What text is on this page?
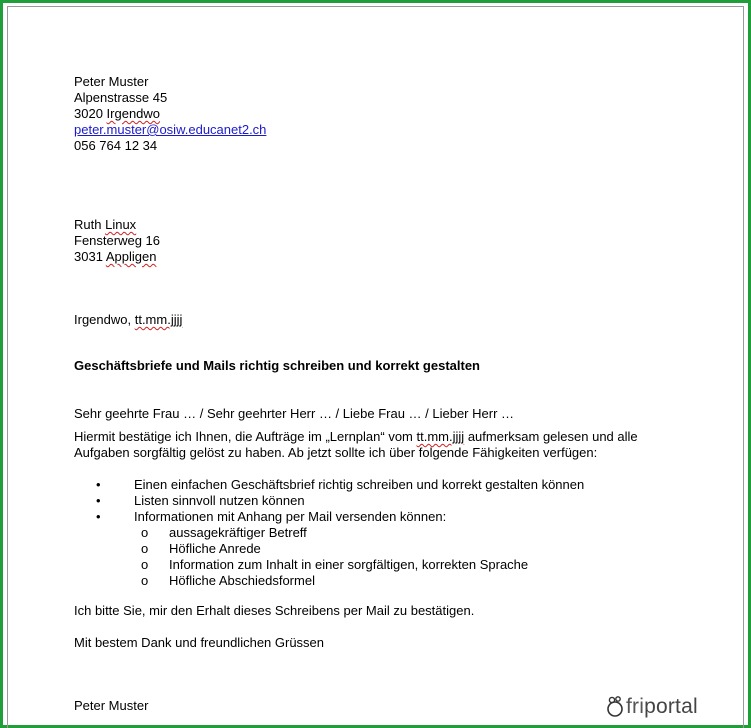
Peter Muster
Alpenstrasse 45
3020 Irgendwo
peter.muster@osiw.educanet2.ch
056 764 12 34
Ruth Linux
Fensterweg 16
3031 Appligen
Irgendwo, tt.mm.jjjj
Geschäftsbriefe und Mails richtig schreiben und korrekt gestalten
Sehr geehrte Frau … / Sehr geehrter Herr … / Liebe Frau … / Lieber Herr …
Hiermit bestätige ich Ihnen, die Aufträge im „Lernplan“ vom tt.mm.jjjj aufmerksam gelesen und alle
Aufgaben sorgfältig gelöst zu haben. Ab jetzt sollte ich über folgende Fähigkeiten verfügen:
•	Einen einfachen Geschäftsbrief richtig schreiben und korrekt gestalten können
•	Listen sinnvoll nutzen können
•	Informationen mit Anhang per Mail versenden können:
o aussagekräftiger Betreff
o Höfliche Anrede
o Information zum Inhalt in einer sorgfältigen, korrekten Sprache
o Höfliche Abschiedsformel
Ich bitte Sie, mir den Erhalt dieses Schreibens per Mail zu bestätigen.
Mit bestem Dank und freundlichen Grüssen
Peter Muster	fri portal
